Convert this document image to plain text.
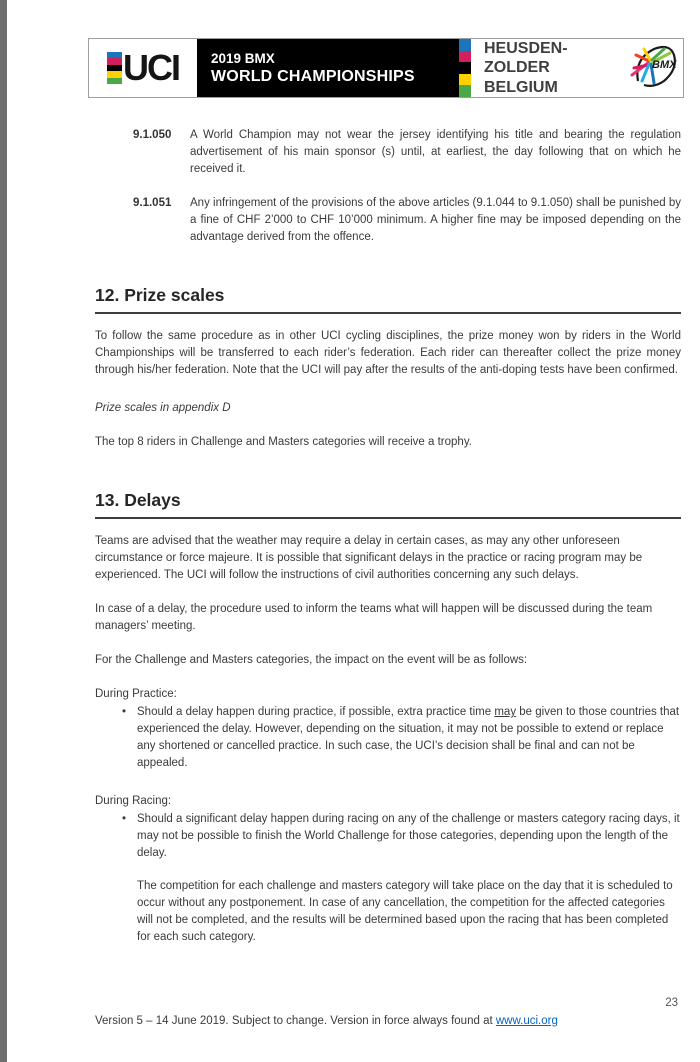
UCI 2019 BMX
WORLD CHAMPIONSHIPS
HEUSDEN-ZOLDER
BELGIUM
BMX
9.1.050	A World Champion may not wear the jersey identifying his title and bearing the regulation advertisement of his main sponsor (s) until, at earliest, the day following that on which he received it.
9.1.051	Any infringement of the provisions of the above articles (9.1.044 to 9.1.050) shall be punished by a fine of CHF 2’000 to CHF 10’000 minimum. A higher fine may be imposed depending on the advantage derived from the offence.
12. Prize scales
To follow the same procedure as in other UCI cycling disciplines, the prize money won by riders in the World Championships will be transferred to each rider’s federation. Each rider can thereafter collect the prize money through his/her federation. Note that the UCI will pay after the results of the anti-doping tests have been confirmed.
Prize scales in appendix D
The top 8 riders in Challenge and Masters categories will receive a trophy.
13. Delays
Teams are advised that the weather may require a delay in certain cases, as may any other unforeseen circumstance or force majeure. It is possible that significant delays in the practice or racing program may be experienced. The UCI will follow the instructions of civil authorities concerning any such delays.
In case of a delay, the procedure used to inform the teams what will happen will be discussed during the team managers’ meeting.
For the Challenge and Masters categories, the impact on the event will be as follows:
During Practice:
• Should a delay happen during practice, if possible, extra practice time may be given to those countries that experienced the delay. However, depending on the situation, it may not be possible to extend or replace any shortened or cancelled practice. In such case, the UCI’s decision shall be final and can not be appealed.
During Racing:
• Should a significant delay happen during racing on any of the challenge or masters category racing days, it may not be possible to finish the World Challenge for those categories, depending upon the length of the delay.
The competition for each challenge and masters category will take place on the day that it is scheduled to occur without any postponement. In case of any cancellation, the competition for the affected categories will not be completed, and the results will be determined based upon the racing that has been completed for each such category.
23
Version 5 – 14 June 2019. Subject to change. Version in force always found at www.uci.org
